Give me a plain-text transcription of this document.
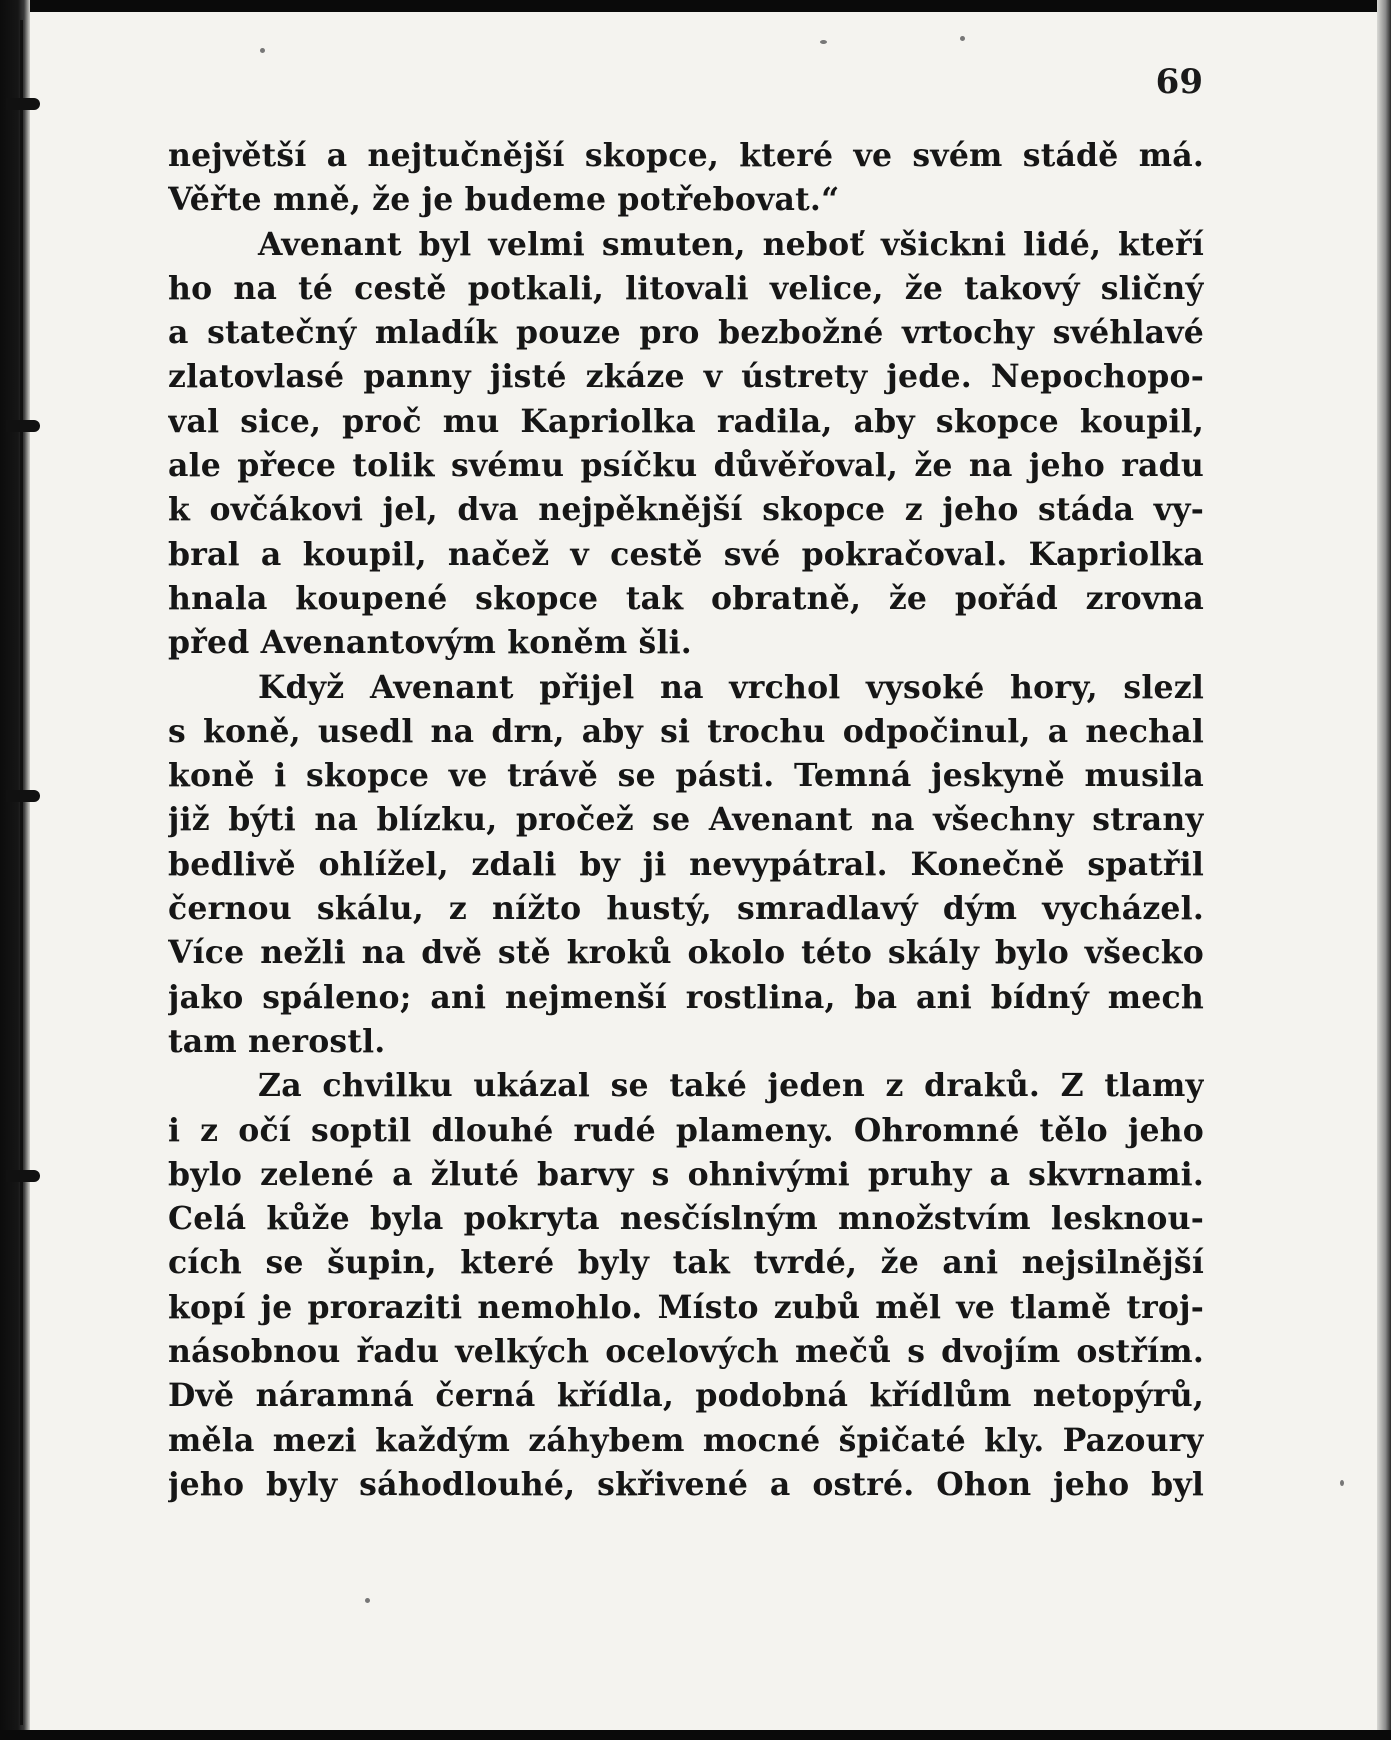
69
největší a nejtučnější skopce, které ve svém stádě má.
Věřte mně, že je budeme potřebovat.“
Avenant byl velmi smuten, neboť všickni lidé, kteří
ho na té cestě potkali, litovali velice, že takový sličný
a statečný mladík pouze pro bezbožné vrtochy svéhlavé
zlatovlasé panny jisté zkáze v ústrety jede. Nepochopo-
val sice, proč mu Kapriolka radila, aby skopce koupil,
ale přece tolik svému psíčku důvěřoval, že na jeho radu
k ovčákovi jel, dva nejpěknější skopce z jeho stáda vy-
bral a koupil, načež v cestě své pokračoval. Kapriolka
hnala koupené skopce tak obratně, že pořád zrovna
před Avenantovým koněm šli.
Když Avenant přijel na vrchol vysoké hory, slezl
s koně, usedl na drn, aby si trochu odpočinul, a nechal
koně i skopce ve trávě se pásti. Temná jeskyně musila
již býti na blízku, pročež se Avenant na všechny strany
bedlivě ohlížel, zdali by ji nevypátral. Konečně spatřil
černou skálu, z nížto hustý, smradlavý dým vycházel.
Více nežli na dvě stě kroků okolo této skály bylo všecko
jako spáleno; ani nejmenší rostlina, ba ani bídný mech
tam nerostl.
Za chvilku ukázal se také jeden z draků. Z tlamy
i z očí soptil dlouhé rudé plameny. Ohromné tělo jeho
bylo zelené a žluté barvy s ohnivými pruhy a skvrnami.
Celá kůže byla pokryta nesčíslným množstvím lesknou-
cích se šupin, které byly tak tvrdé, že ani nejsilnější
kopí je proraziti nemohlo. Místo zubů měl ve tlamě troj-
násobnou řadu velkých ocelových mečů s dvojím ostřím.
Dvě náramná černá křídla, podobná křídlům netopýrů,
měla mezi každým záhybem mocné špičaté kly. Pazoury
jeho byly sáhodlouhé, skřivené a ostré. Ohon jeho byl
